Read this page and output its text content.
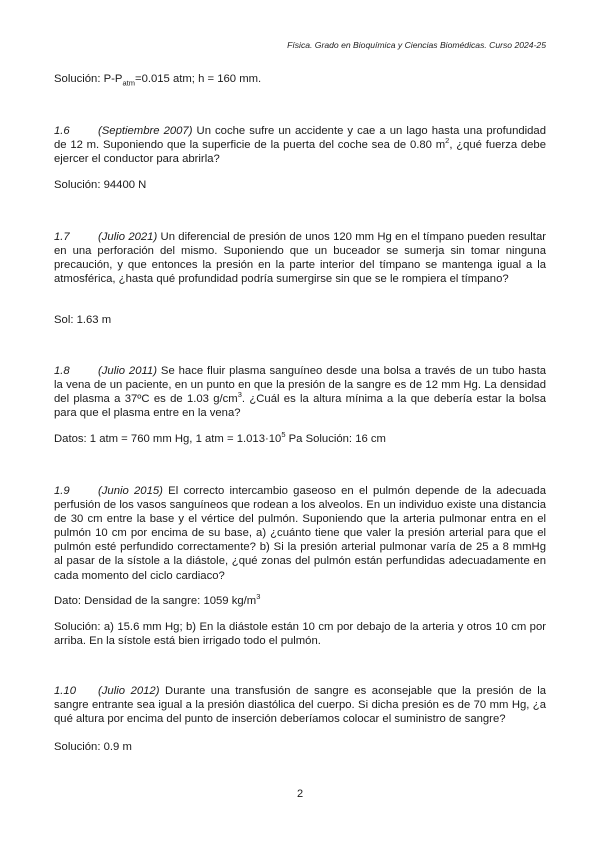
Física. Grado en Bioquímica y Ciencias Biomédicas. Curso 2024-25

Solución: $P-P_{atm}=0.015$ atm; h = 160 mm.

1.6	(Septiembre 2007) Un coche sufre un accidente y cae a un lago hasta una profundidad de 12 m. Suponiendo que la superficie de la puerta del coche sea de 0.80 $m^2$, ¿qué fuerza debe ejercer el conductor para abrirla?

Solución: 94400 N

1.7	(Julio 2021) Un diferencial de presión de unos 120 mm Hg en el tímpano pueden resultar en una perforación del mismo. Suponiendo que un buceador se sumerja sin tomar ninguna precaución, y que entonces la presión en la parte interior del tímpano se mantenga igual a la atmosférica, ¿hasta qué profundidad podría sumergirse sin que se le rompiera el tímpano?

Sol: 1.63 m

1.8	(Julio 2011) Se hace fluir plasma sanguíneo desde una bolsa a través de un tubo hasta la vena de un paciente, en un punto en que la presión de la sangre es de 12 mm Hg. La densidad del plasma a 37ºC es de 1.03 $g/cm^3$. ¿Cuál es la altura mínima a la que debería estar la bolsa para que el plasma entre en la vena?

Datos: 1 atm = 760 mm Hg, 1 atm = $1.013\cdot 10^5$ Pa Solución: 16 cm

1.9	(Junio 2015) El correcto intercambio gaseoso en el pulmón depende de la adecuada perfusión de los vasos sanguíneos que rodean a los alveolos. En un individuo existe una distancia de 30 cm entre la base y el vértice del pulmón. Suponiendo que la arteria pulmonar entra en el pulmón 10 cm por encima de su base, a) ¿cuánto tiene que valer la presión arterial para que el pulmón esté perfundido correctamente? b) Si la presión arterial pulmonar varía de 25 a 8 mmHg al pasar de la sístole a la diástole, ¿qué zonas del pulmón están perfundidas adecuadamente en cada momento del ciclo cardiaco?

Dato: Densidad de la sangre: 1059 $kg/m^3$

Solución: a) 15.6 mm Hg; b) En la diástole están 10 cm por debajo de la arteria y otros 10 cm por arriba. En la sístole está bien irrigado todo el pulmón.

1.10 (Julio 2012) Durante una transfusión de sangre es aconsejable que la presión de la sangre entrante sea igual a la presión diastólica del cuerpo. Si dicha presión es de 70 mm Hg, ¿a qué altura por encima del punto de inserción deberíamos colocar el suministro de sangre?

Solución: 0.9 m

2
